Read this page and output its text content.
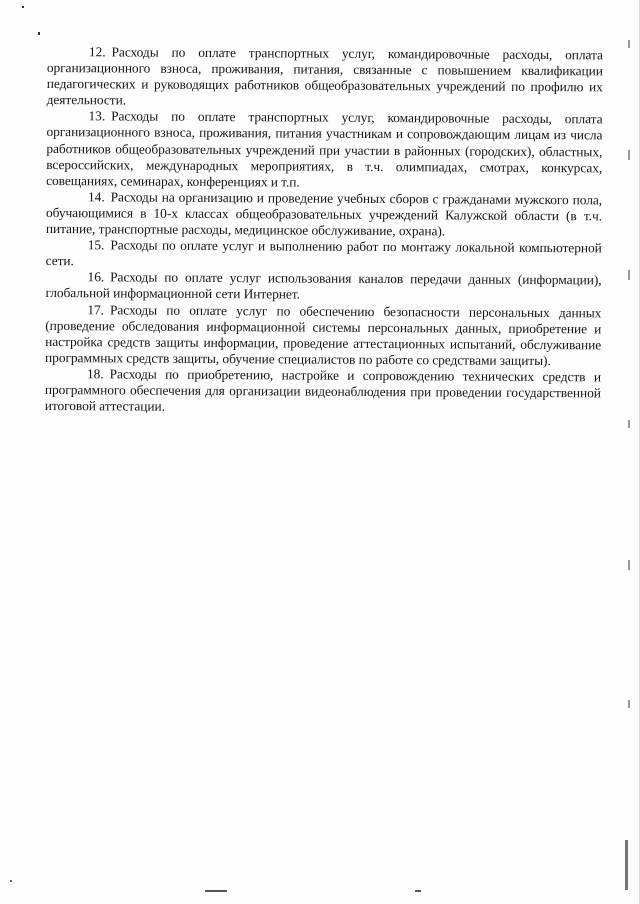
12. Расходы по оплате транспортных услуг, командировочные расходы, оплата организационного взноса, проживания, питания, связанные с повышением квалификации педагогических и руководящих работников общеобразовательных учреждений по профилю их деятельности.

13. Расходы по оплате транспортных услуг, командировочные расходы, оплата организационного взноса, проживания, питания участникам и сопровождающим лицам из числа работников общеобразовательных учреждений при участии в районных (городских), областных, всероссийских, международных мероприятиях, в т.ч. олимпиадах, смотрах, конкурсах, совещаниях, семинарах, конференциях и т.п.

14. Расходы на организацию и проведение учебных сборов с гражданами мужского пола, обучающимися в 10-х классах общеобразовательных учреждений Калужской области (в т.ч. питание, транспортные расходы, медицинское обслуживание, охрана).

15. Расходы по оплате услуг и выполнению работ по монтажу локальной компьютерной сети.

16. Расходы по оплате услуг использования каналов передачи данных (информации), глобальной информационной сети Интернет.

17. Расходы по оплате услуг по обеспечению безопасности персональных данных (проведение обследования информационной системы персональных данных, приобретение и настройка средств защиты информации, проведение аттестационных испытаний, обслуживание программных средств защиты, обучение специалистов по работе со средствами защиты).

18. Расходы по приобретению, настройке и сопровождению технических средств и программного обеспечения для организации видеонаблюдения при проведении государственной итоговой аттестации.
